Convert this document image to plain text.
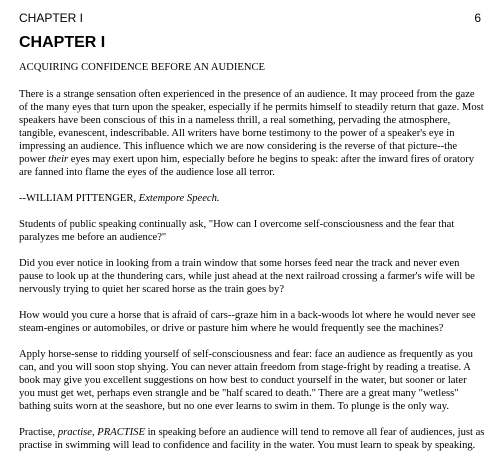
CHAPTER I	6
CHAPTER I

ACQUIRING CONFIDENCE BEFORE AN AUDIENCE

There is a strange sensation often experienced in the presence of an audience. It may proceed from the gaze of the many eyes that turn upon the speaker, especially if he permits himself to steadily return that gaze. Most speakers have been conscious of this in a nameless thrill, a real something, pervading the atmosphere, tangible, evanescent, indescribable. All writers have borne testimony to the power of a speaker's eye in impressing an audience. This influence which we are now considering is the reverse of that picture--the power their eyes may exert upon him, especially before he begins to speak: after the inward fires of oratory are fanned into flame the eyes of the audience lose all terror.

--WILLIAM PITTENGER, Extempore Speech.

Students of public speaking continually ask, "How can I overcome self-consciousness and the fear that paralyzes me before an audience?"

Did you ever notice in looking from a train window that some horses feed near the track and never even pause to look up at the thundering cars, while just ahead at the next railroad crossing a farmer's wife will be nervously trying to quiet her scared horse as the train goes by?

How would you cure a horse that is afraid of cars--graze him in a back-woods lot where he would never see steam-engines or automobiles, or drive or pasture him where he would frequently see the machines?

Apply horse-sense to ridding yourself of self-consciousness and fear: face an audience as frequently as you can, and you will soon stop shying. You can never attain freedom from stage-fright by reading a treatise. A book may give you excellent suggestions on how best to conduct yourself in the water, but sooner or later you must get wet, perhaps even strangle and be "half scared to death." There are a great many "wetless" bathing suits worn at the seashore, but no one ever learns to swim in them. To plunge is the only way.

Practise, practise, PRACTISE in speaking before an audience will tend to remove all fear of audiences, just as practise in swimming will lead to confidence and facility in the water. You must learn to speak by speaking.
